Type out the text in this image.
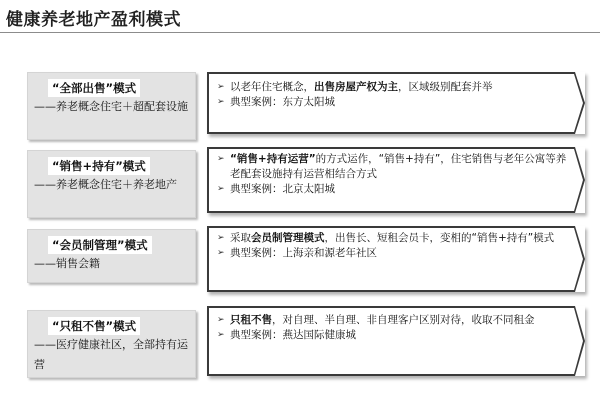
健康养老地产盈利模式
“全部出售”模式
——养老概念住宅＋超配套设施
➢ 以老年住宅概念，出售房屋产权为主，区域级别配套并举
➢ 典型案例：东方太阳城
“销售+持有”模式
——养老概念住宅＋养老地产
➢ “销售+持有运营”的方式运作，“销售+持有”，住宅销售与老年公寓等养老配套设施持有运营相结合方式
➢ 典型案例：北京太阳城
“会员制管理”模式
——销售会籍
➢ 采取会员制管理模式，出售长、短租会员卡，变相的“销售+持有”模式
➢ 典型案例：上海亲和源老年社区
“只租不售”模式
——医疗健康社区，全部持有运营
➢ 只租不售，对自理、半自理、非自理客户区别对待，收取不同租金
➢ 典型案例：燕达国际健康城
